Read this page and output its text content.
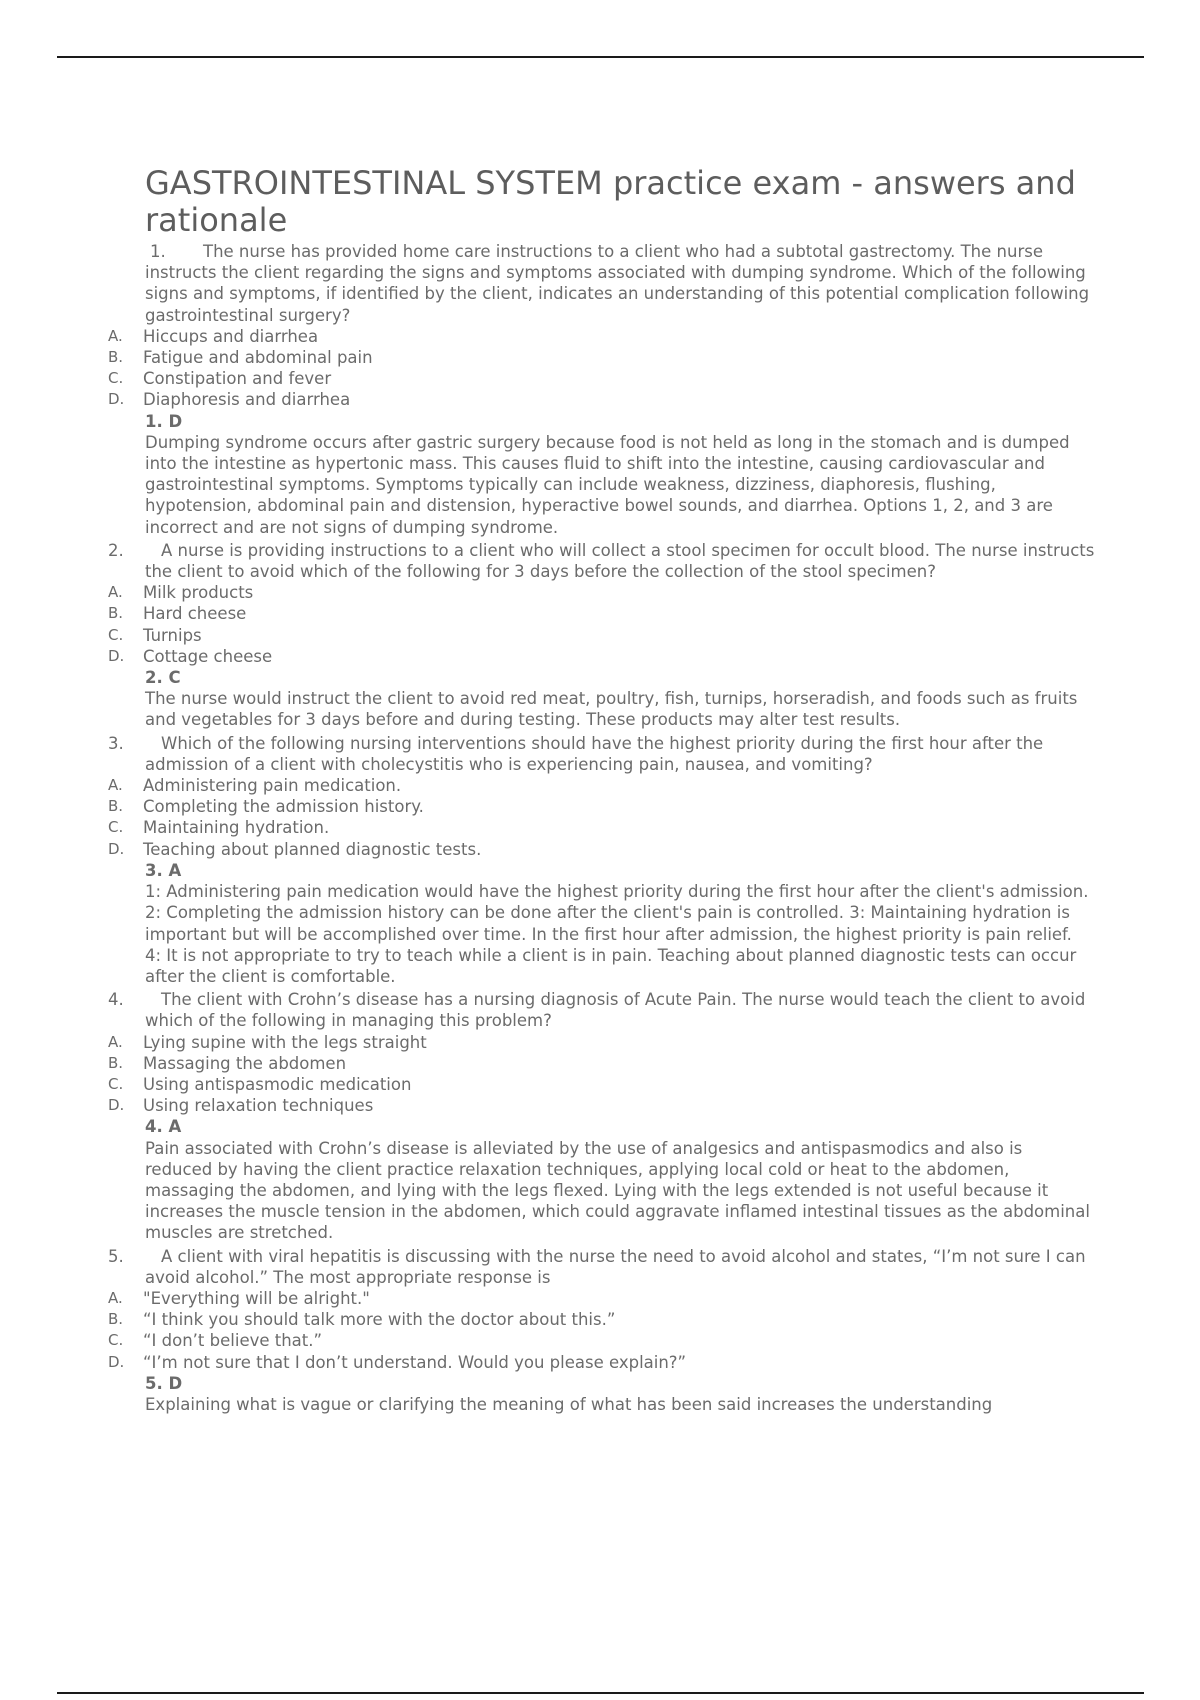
GASTROINTESTINAL SYSTEM practice exam - answers and rationale
1. The nurse has provided home care instructions to a client who had a subtotal gastrectomy. The nurse instructs the client regarding the signs and symptoms associated with dumping syndrome. Which of the following signs and symptoms, if identified by the client, indicates an understanding of this potential complication following gastrointestinal surgery?
A.	Hiccups and diarrhea
B.	Fatigue and abdominal pain
C.	Constipation and fever
D.	Diaphoresis and diarrhea
1. D
Dumping syndrome occurs after gastric surgery because food is not held as long in the stomach and is dumped into the intestine as hypertonic mass. This causes fluid to shift into the intestine, causing cardiovascular and gastrointestinal symptoms. Symptoms typically can include weakness, dizziness, diaphoresis, flushing, hypotension, abdominal pain and distension, hyperactive bowel sounds, and diarrhea. Options 1, 2, and 3 are incorrect and are not signs of dumping syndrome.
2. A nurse is providing instructions to a client who will collect a stool specimen for occult blood. The nurse instructs the client to avoid which of the following for 3 days before the collection of the stool specimen?
A.	Milk products
B.	Hard cheese
C.	Turnips
D.	Cottage cheese
2. C
The nurse would instruct the client to avoid red meat, poultry, fish, turnips, horseradish, and foods such as fruits and vegetables for 3 days before and during testing. These products may alter test results.
3. Which of the following nursing interventions should have the highest priority during the first hour after the admission of a client with cholecystitis who is experiencing pain, nausea, and vomiting?
A.	Administering pain medication.
B.	Completing the admission history.
C.	Maintaining hydration.
D.	Teaching about planned diagnostic tests.
3. A
1: Administering pain medication would have the highest priority during the first hour after the client's admission. 2: Completing the admission history can be done after the client's pain is controlled. 3: Maintaining hydration is important but will be accomplished over time. In the first hour after admission, the highest priority is pain relief. 4: It is not appropriate to try to teach while a client is in pain. Teaching about planned diagnostic tests can occur after the client is comfortable.
4. The client with Crohn’s disease has a nursing diagnosis of Acute Pain. The nurse would teach the client to avoid which of the following in managing this problem?
A.	Lying supine with the legs straight
B.	Massaging the abdomen
C.	Using antispasmodic medication
D.	Using relaxation techniques
4. A
Pain associated with Crohn’s disease is alleviated by the use of analgesics and antispasmodics and also is reduced by having the client practice relaxation techniques, applying local cold or heat to the abdomen, massaging the abdomen, and lying with the legs flexed. Lying with the legs extended is not useful because it increases the muscle tension in the abdomen, which could aggravate inflamed intestinal tissues as the abdominal muscles are stretched.
5. A client with viral hepatitis is discussing with the nurse the need to avoid alcohol and states, “I’m not sure I can avoid alcohol.” The most appropriate response is
A.	"Everything will be alright."
B.	“I think you should talk more with the doctor about this.”
C.	“I don’t believe that.”
D.	“I’m not sure that I don’t understand. Would you please explain?”
5. D
Explaining what is vague or clarifying the meaning of what has been said increases the understanding
